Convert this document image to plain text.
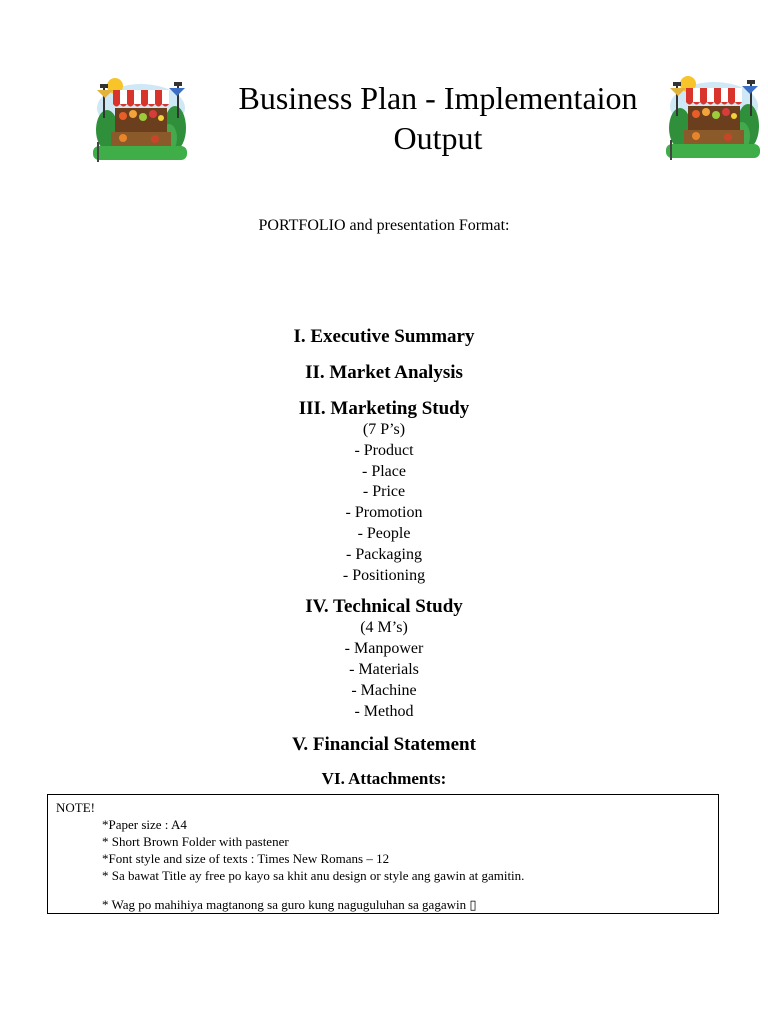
Business Plan - Implementaion
Output
PORTFOLIO and presentation Format:
I. Executive Summary
II. Market Analysis
III. Marketing Study
(7 P’s)
- Product
- Place
- Price
- Promotion
- People
- Packaging
- Positioning
IV. Technical Study
(4 M’s)
- Manpower
- Materials
- Machine
- Method
V. Financial Statement
VI. Attachments:
NOTE!
*Paper size : A4
* Short Brown Folder with pastener
*Font style and size of texts : Times New Romans – 12
* Sa bawat Title ay free po kayo sa khit anu design or style ang gawin at gamitin.
* Wag po mahihiya magtanong sa guro kung naguguluhan sa gagawin ▯
